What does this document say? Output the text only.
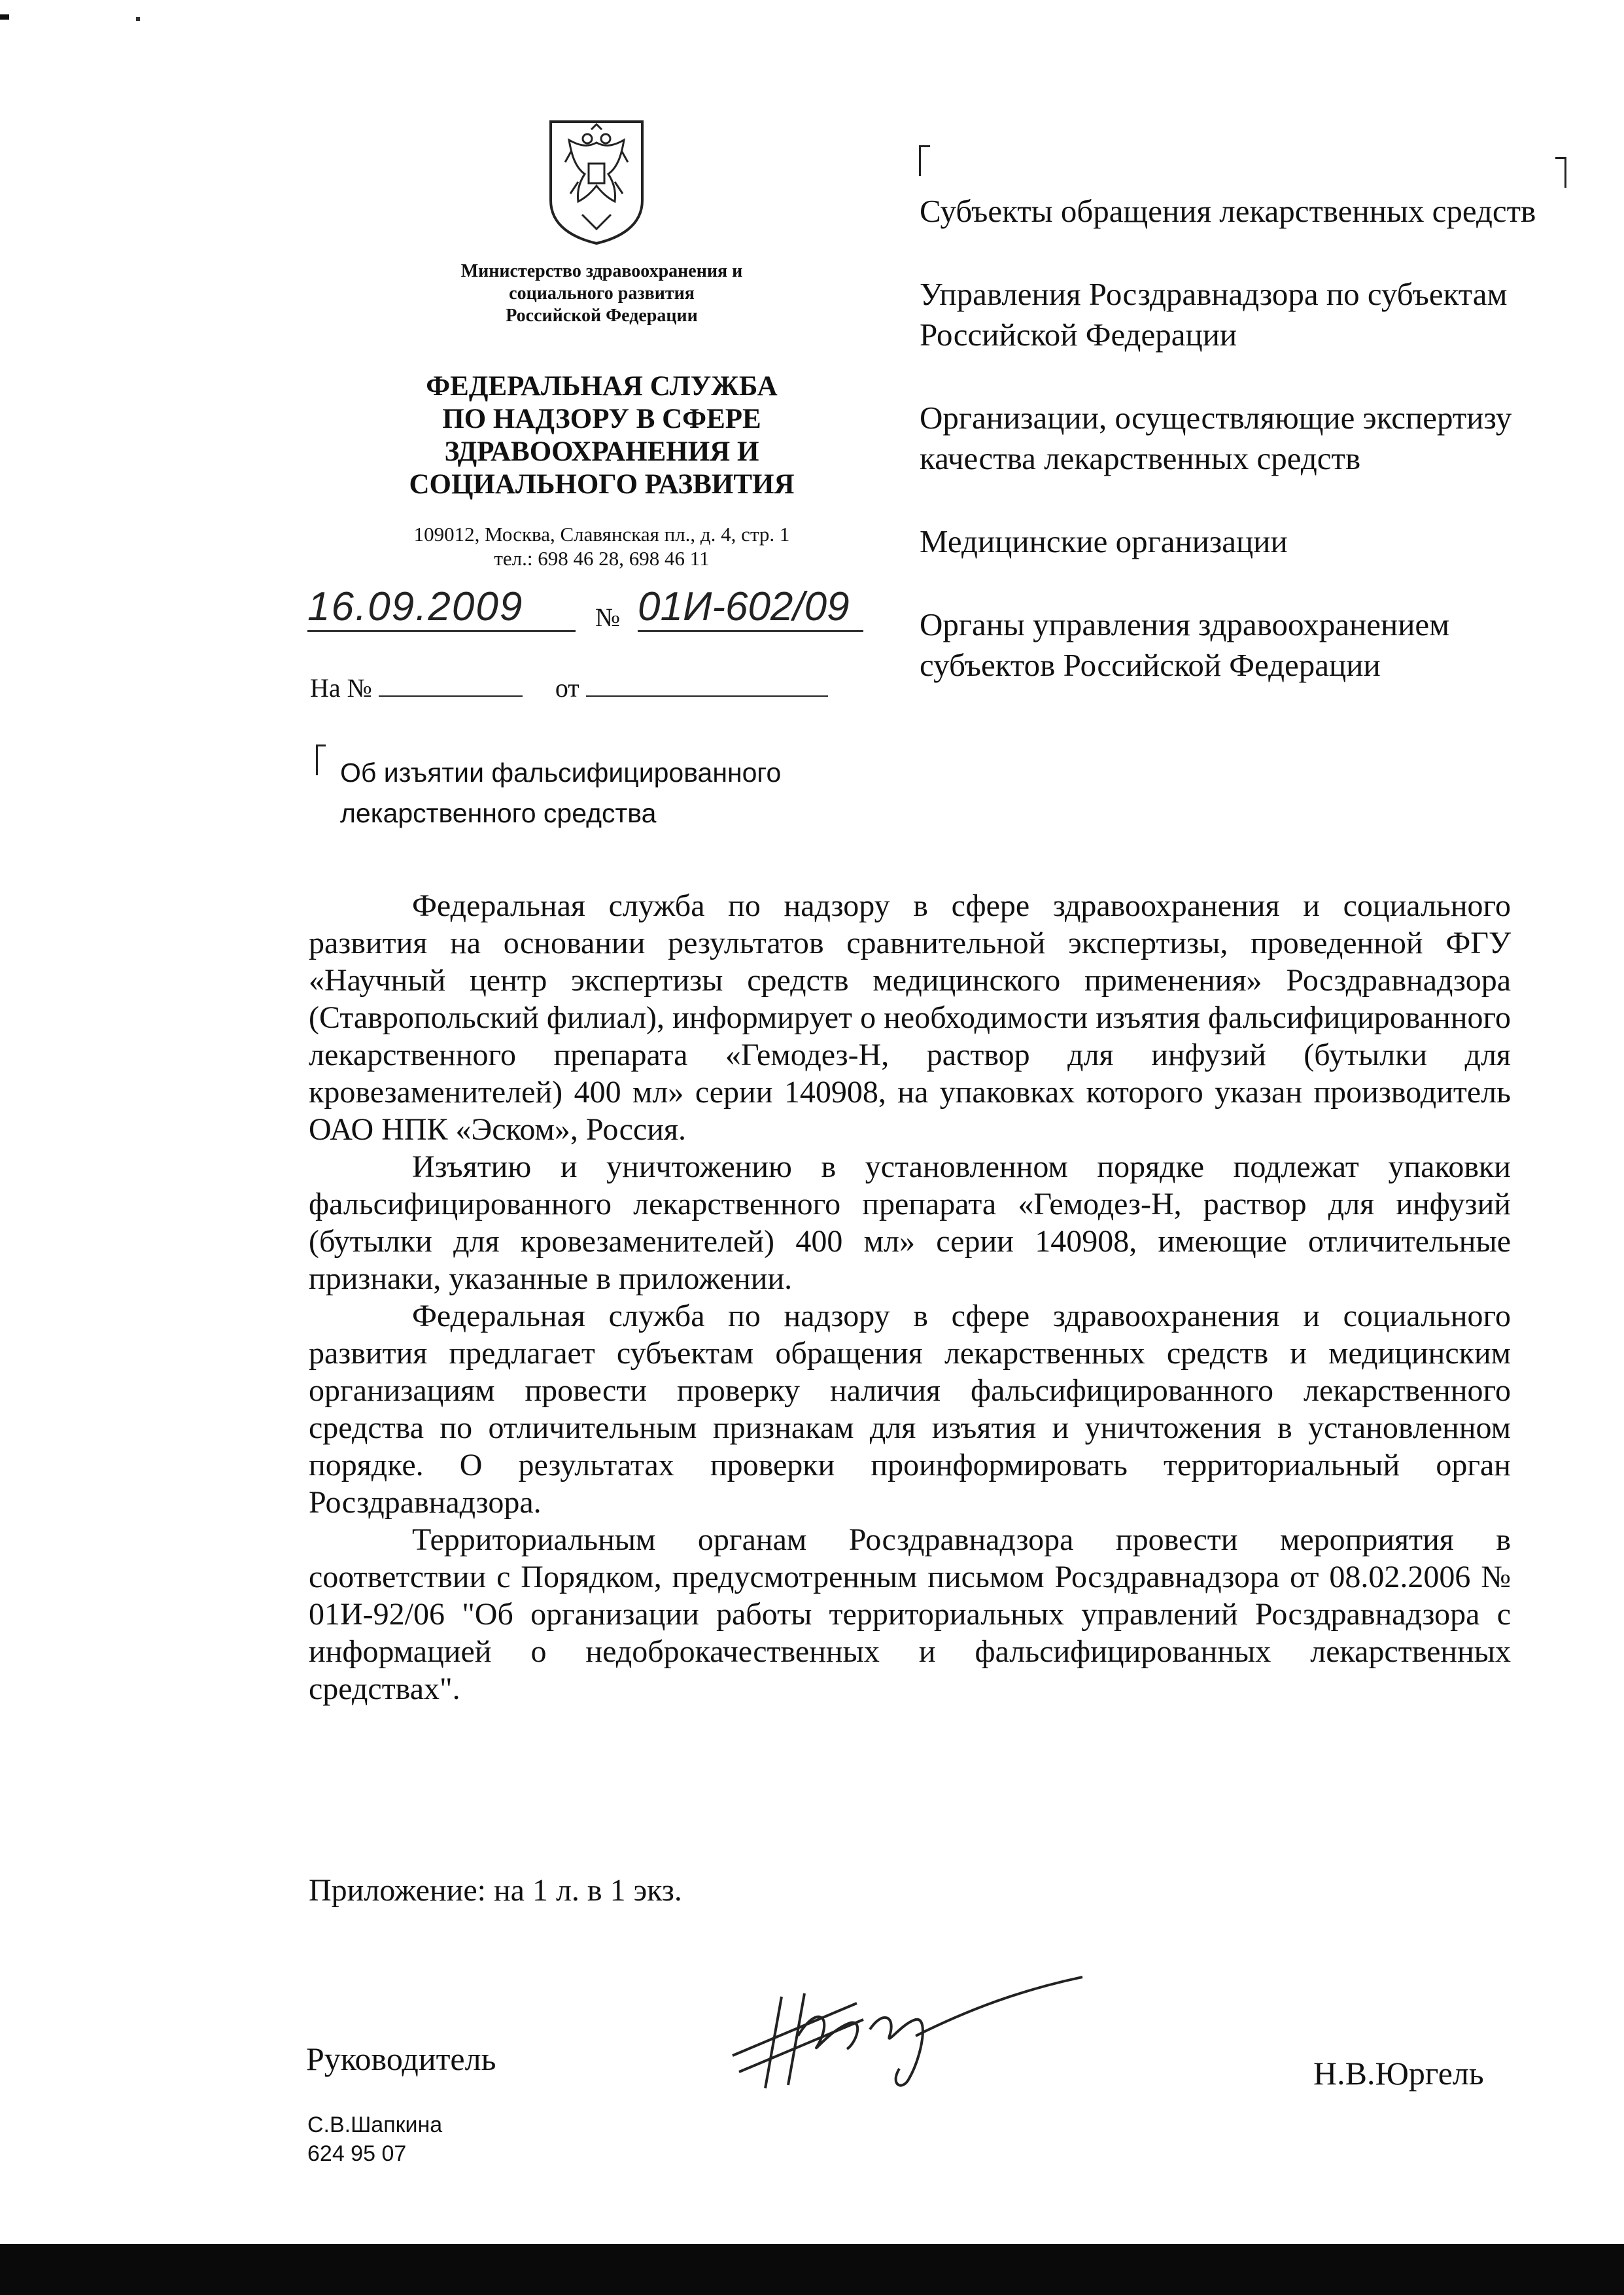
Министерство здравоохранения и
социального развития
Российской Федерации
ФЕДЕРАЛЬНАЯ СЛУЖБА
ПО НАДЗОРУ В СФЕРЕ
ЗДРАВООХРАНЕНИЯ И
СОЦИАЛЬНОГО РАЗВИТИЯ
109012, Москва, Славянская пл., д. 4, стр. 1
тел.: 698 46 28, 698 46 11
16.09.2009	№ 01И-602/09
На №	от
Субъекты обращения лекарственных средств
Управления Росздравнадзора по субъектам Российской Федерации
Организации, осуществляющие экспертизу качества лекарственных средств
Медицинские организации
Органы управления здравоохранением субъектов Российской Федерации
Об изъятии фальсифицированного
лекарственного средства

Федеральная служба по надзору в сфере здравоохранения и социального развития на основании результатов сравнительной экспертизы, проведенной ФГУ «Научный центр экспертизы средств медицинского применения» Росздравнадзора (Ставропольский филиал), информирует о необходимости изъятия фальсифицированного лекарственного препарата «Гемодез-Н, раствор для инфузий (бутылки для кровезаменителей) 400 мл» серии 140908, на упаковках которого указан производитель ОАО НПК «Эском», Россия.

Изъятию и уничтожению в установленном порядке подлежат упаковки фальсифицированного лекарственного препарата «Гемодез-Н, раствор для инфузий (бутылки для кровезаменителей) 400 мл» серии 140908, имеющие отличительные признаки, указанные в приложении.

Федеральная служба по надзору в сфере здравоохранения и социального развития предлагает субъектам обращения лекарственных средств и медицинским организациям провести проверку наличия фальсифицированного лекарственного средства по отличительным признакам для изъятия и уничтожения в установленном порядке. О результатах проверки проинформировать территориальный орган Росздравнадзора.

Территориальным органам Росздравнадзора провести мероприятия в соответствии с Порядком, предусмотренным письмом Росздравнадзора от 08.02.2006 № 01И-92/06 "Об организации работы территориальных управлений Росздравнадзора с информацией о недоброкачественных и фальсифицированных лекарственных средствах".

Приложение: на 1 л. в 1 экз.
Руководитель	Н.В.Юргель
С.В.Шапкина
624 95 07
